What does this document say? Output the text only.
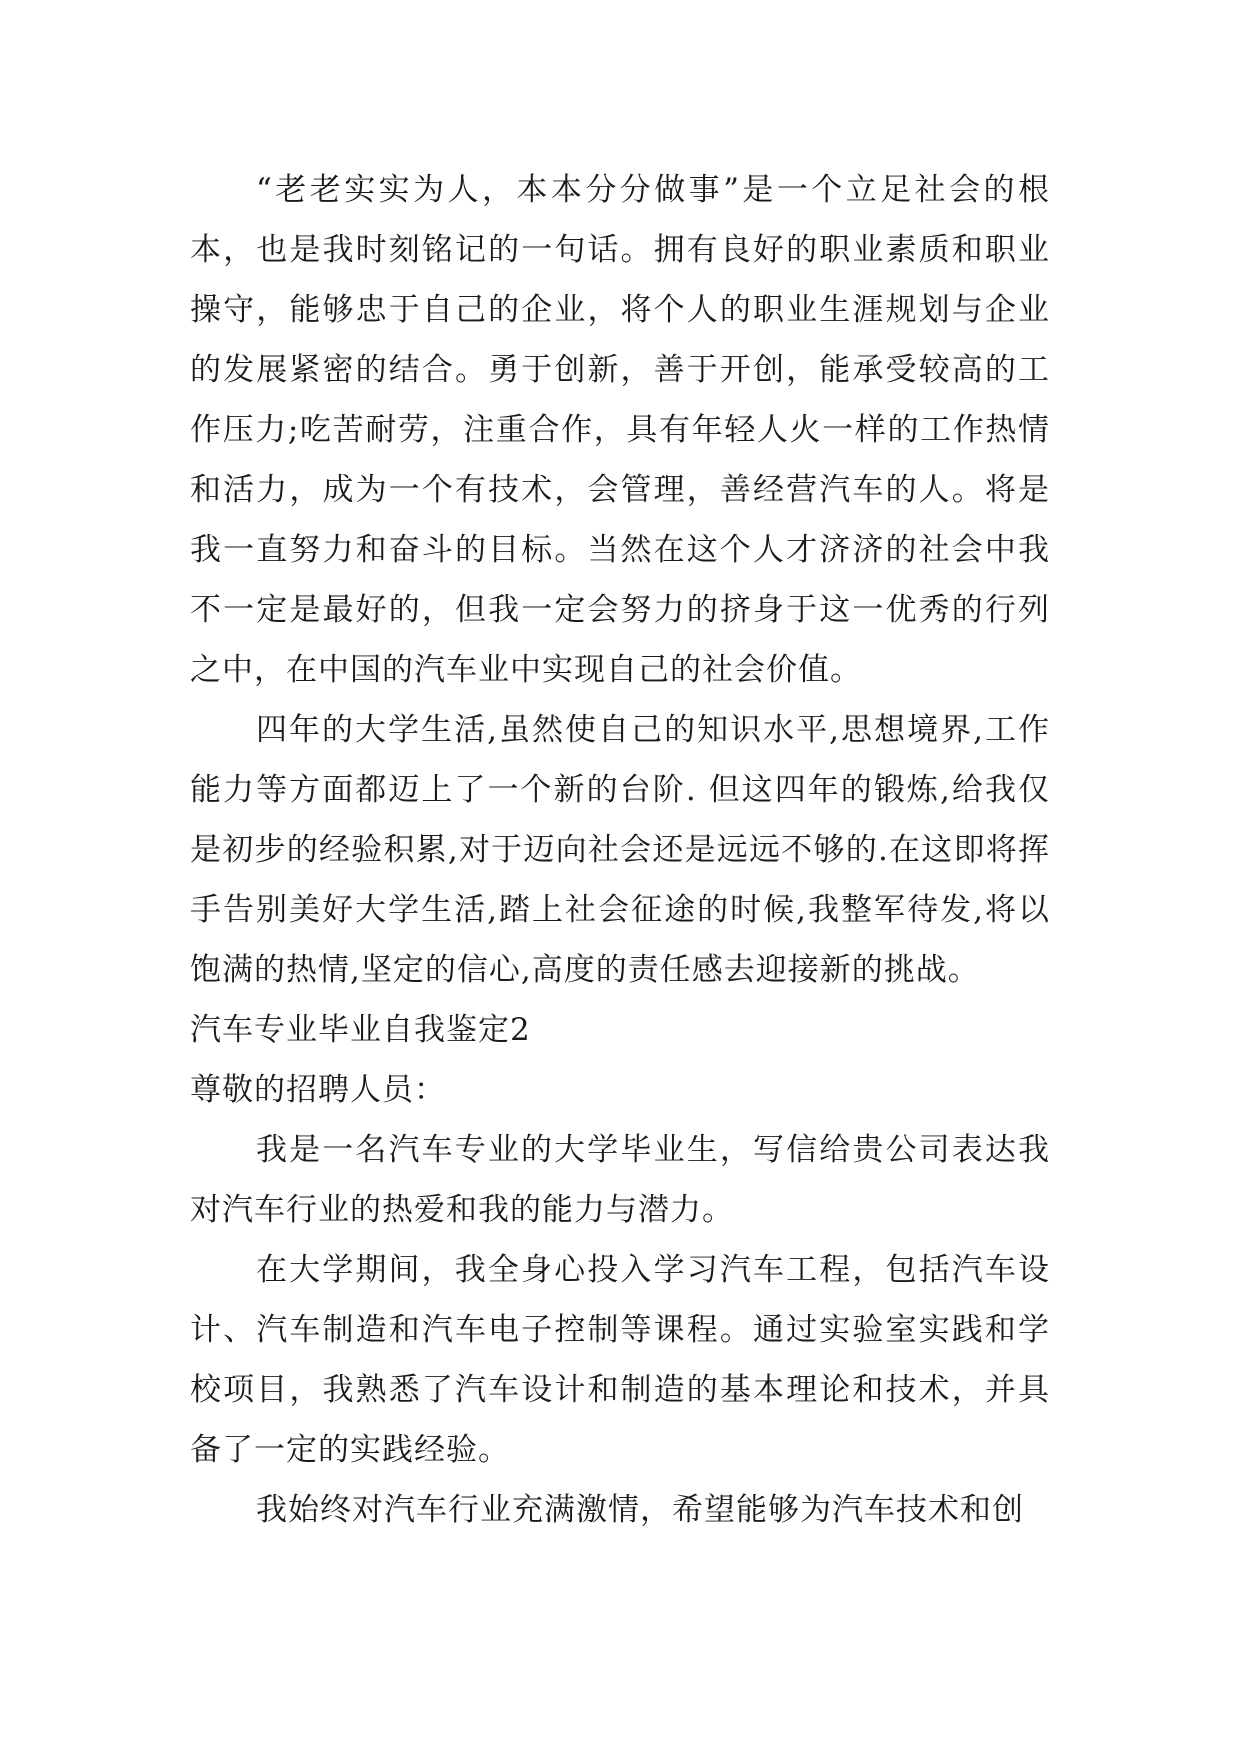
“老老实实为人，本本分分做事”是一个立足社会的根本，也是我时刻铭记的一句话。拥有良好的职业素质和职业操守，能够忠于自己的企业，将个人的职业生涯规划与企业的发展紧密的结合。勇于创新，善于开创，能承受较高的工作压力;吃苦耐劳，注重合作，具有年轻人火一样的工作热情和活力，成为一个有技术，会管理，善经营汽车的人。将是我一直努力和奋斗的目标。当然在这个人才济济的社会中我不一定是最好的，但我一定会努力的挤身于这一优秀的行列之中，在中国的汽车业中实现自己的社会价值。

四年的大学生活,虽然使自己的知识水平,思想境界,工作能力等方面都迈上了一个新的台阶. 但这四年的锻炼,给我仅是初步的经验积累,对于迈向社会还是远远不够的.在这即将挥手告别美好大学生活,踏上社会征途的时候,我整军待发,将以饱满的热情,坚定的信心,高度的责任感去迎接新的挑战。

汽车专业毕业自我鉴定2

尊敬的招聘人员：

我是一名汽车专业的大学毕业生，写信给贵公司表达我对汽车行业的热爱和我的能力与潜力。

在大学期间，我全身心投入学习汽车工程，包括汽车设计、汽车制造和汽车电子控制等课程。通过实验室实践和学校项目，我熟悉了汽车设计和制造的基本理论和技术，并具备了一定的实践经验。

我始终对汽车行业充满激情，希望能够为汽车技术和创
